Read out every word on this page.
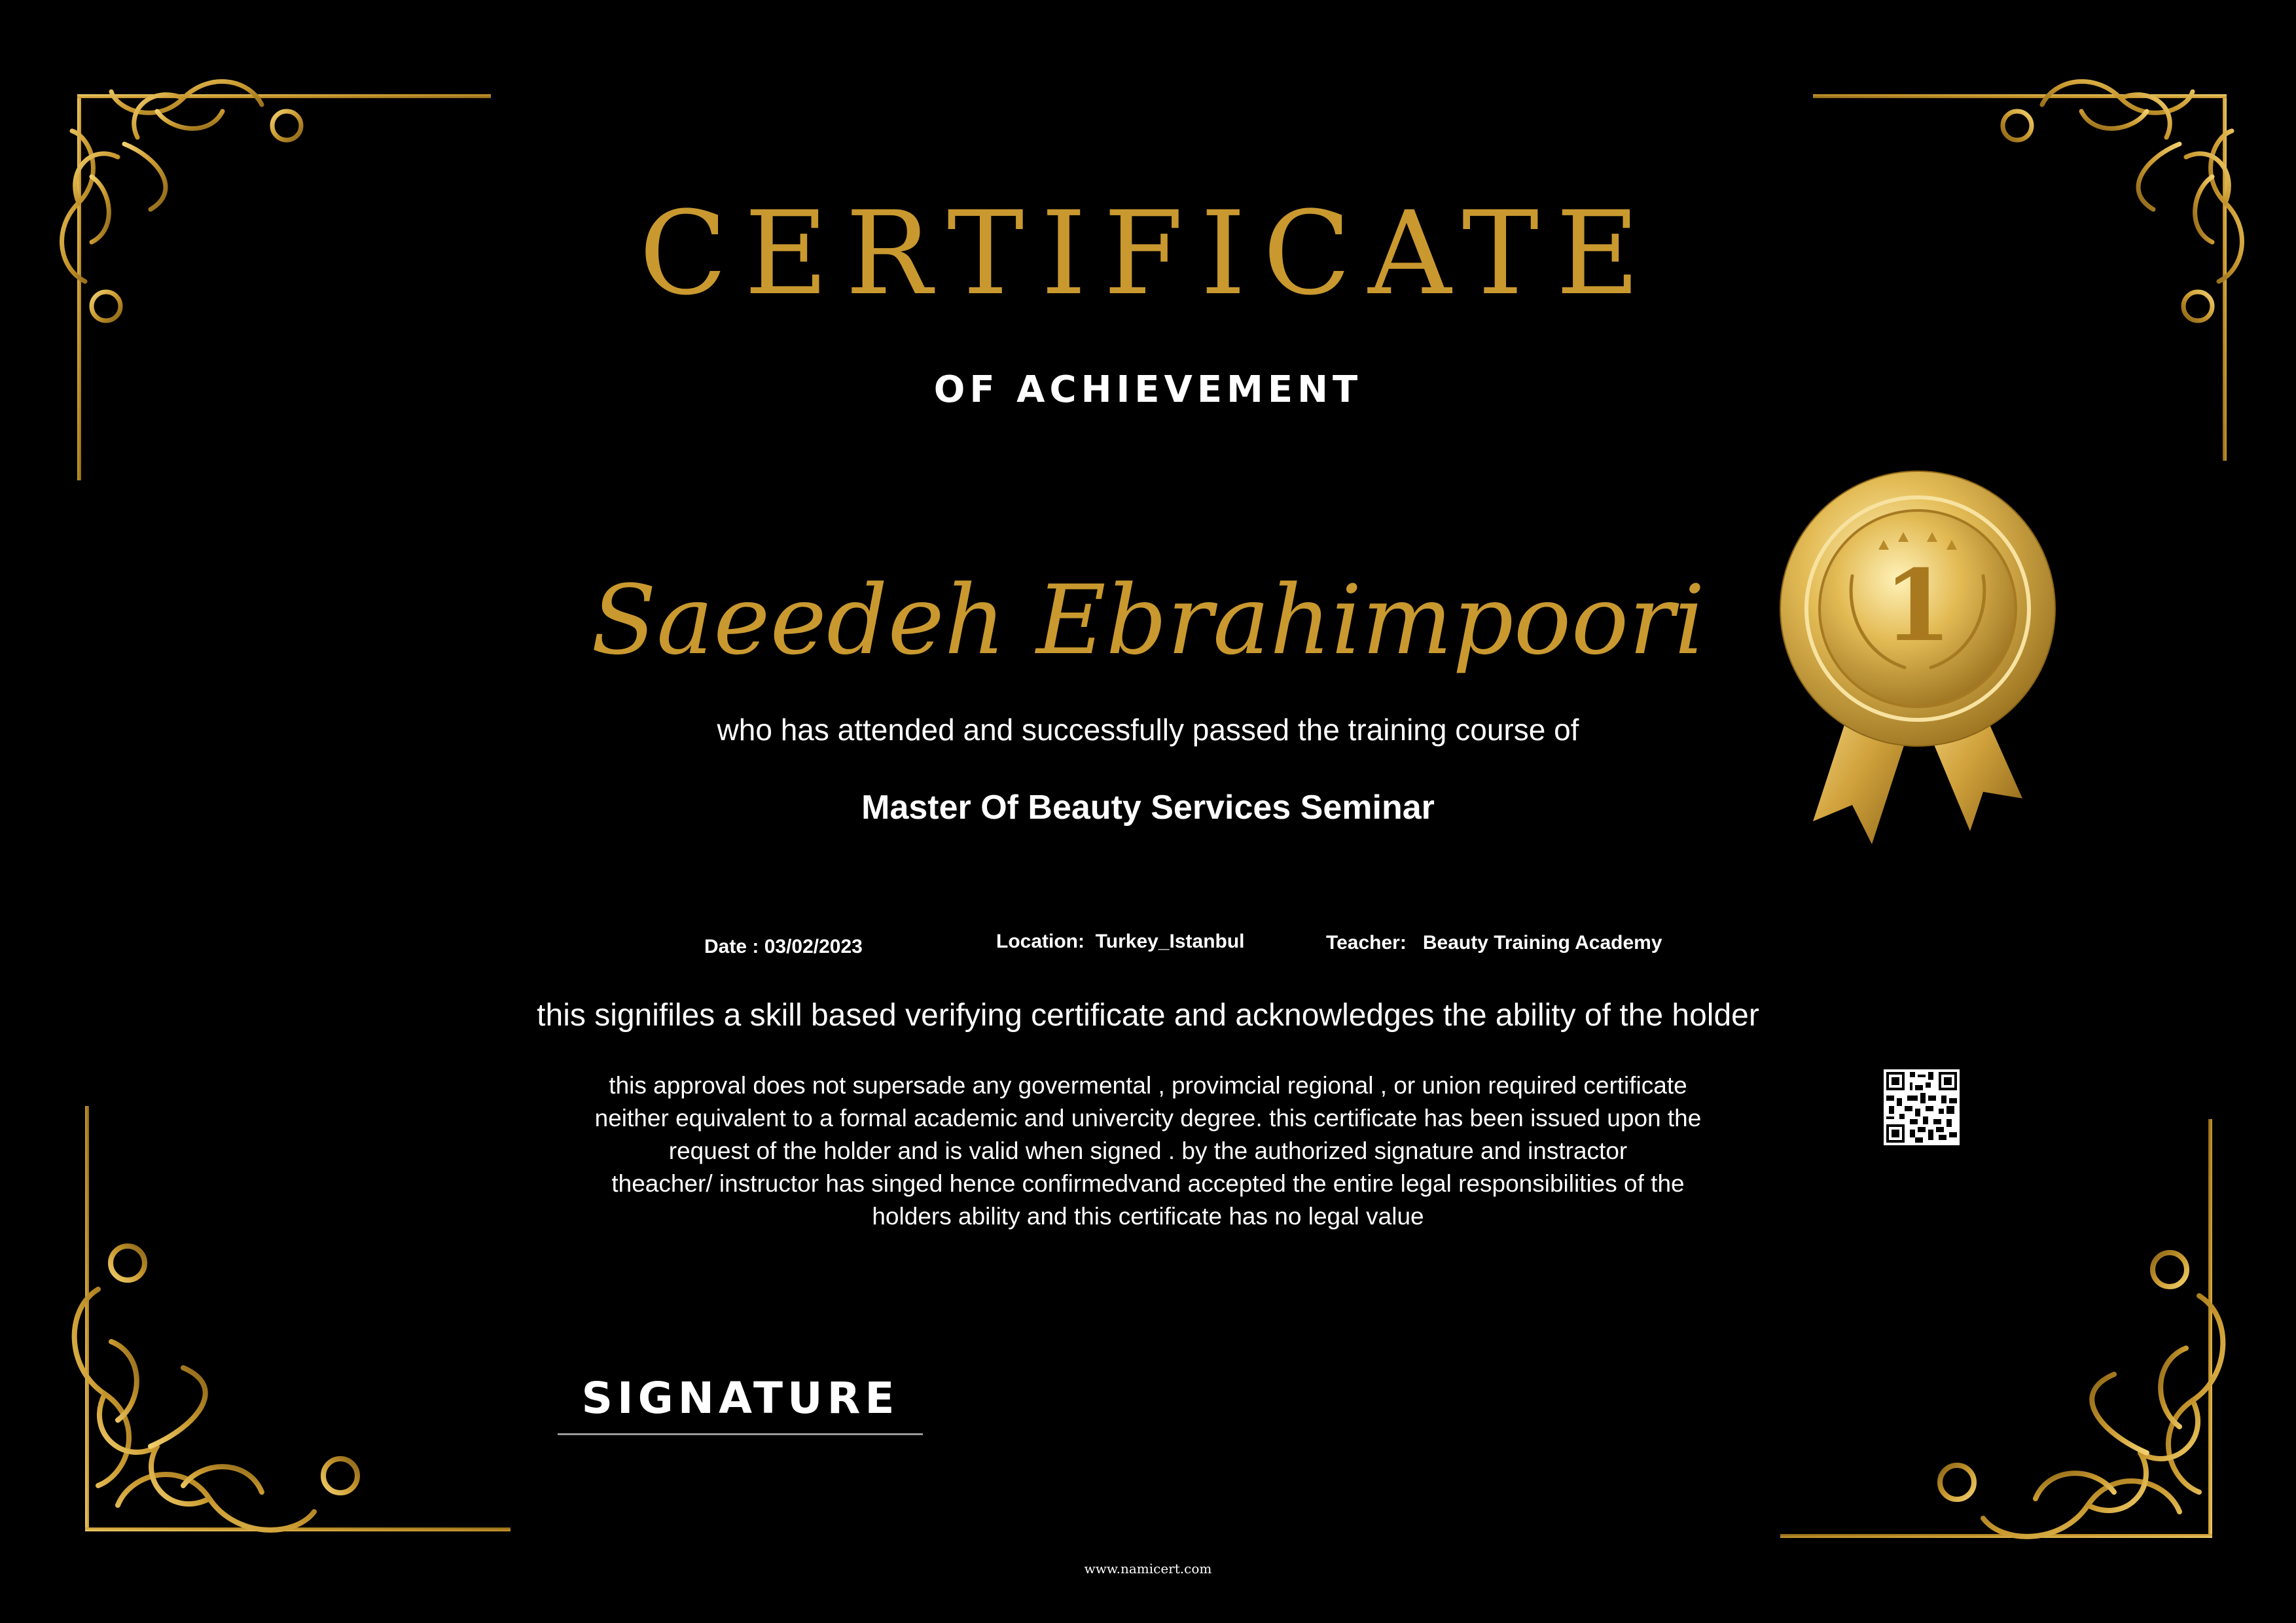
CERTIFICATE
OF ACHIEVEMENT
1
Saeedeh Ebrahimpoori
who has attended and successfully passed the training course of
Master Of Beauty Services Seminar
Date : 03/02/2023	Location: Turkey_Istanbul	Teacher: Beauty Training Academy
this signifiles a skill based verifying certificate and acknowledges the ability of the holder
this approval does not supersade any govermental , provimcial regional , or union required certificate
neither equivalent to a formal academic and univercity degree. this certificate has been issued upon the
request of the holder and is valid when signed . by the authorized signature and instractor
theacher/ instructor has singed hence confirmedvand accepted the entire legal responsibilities of the
holders ability and this certificate has no legal value
SIGNATURE
www.namicert.com
